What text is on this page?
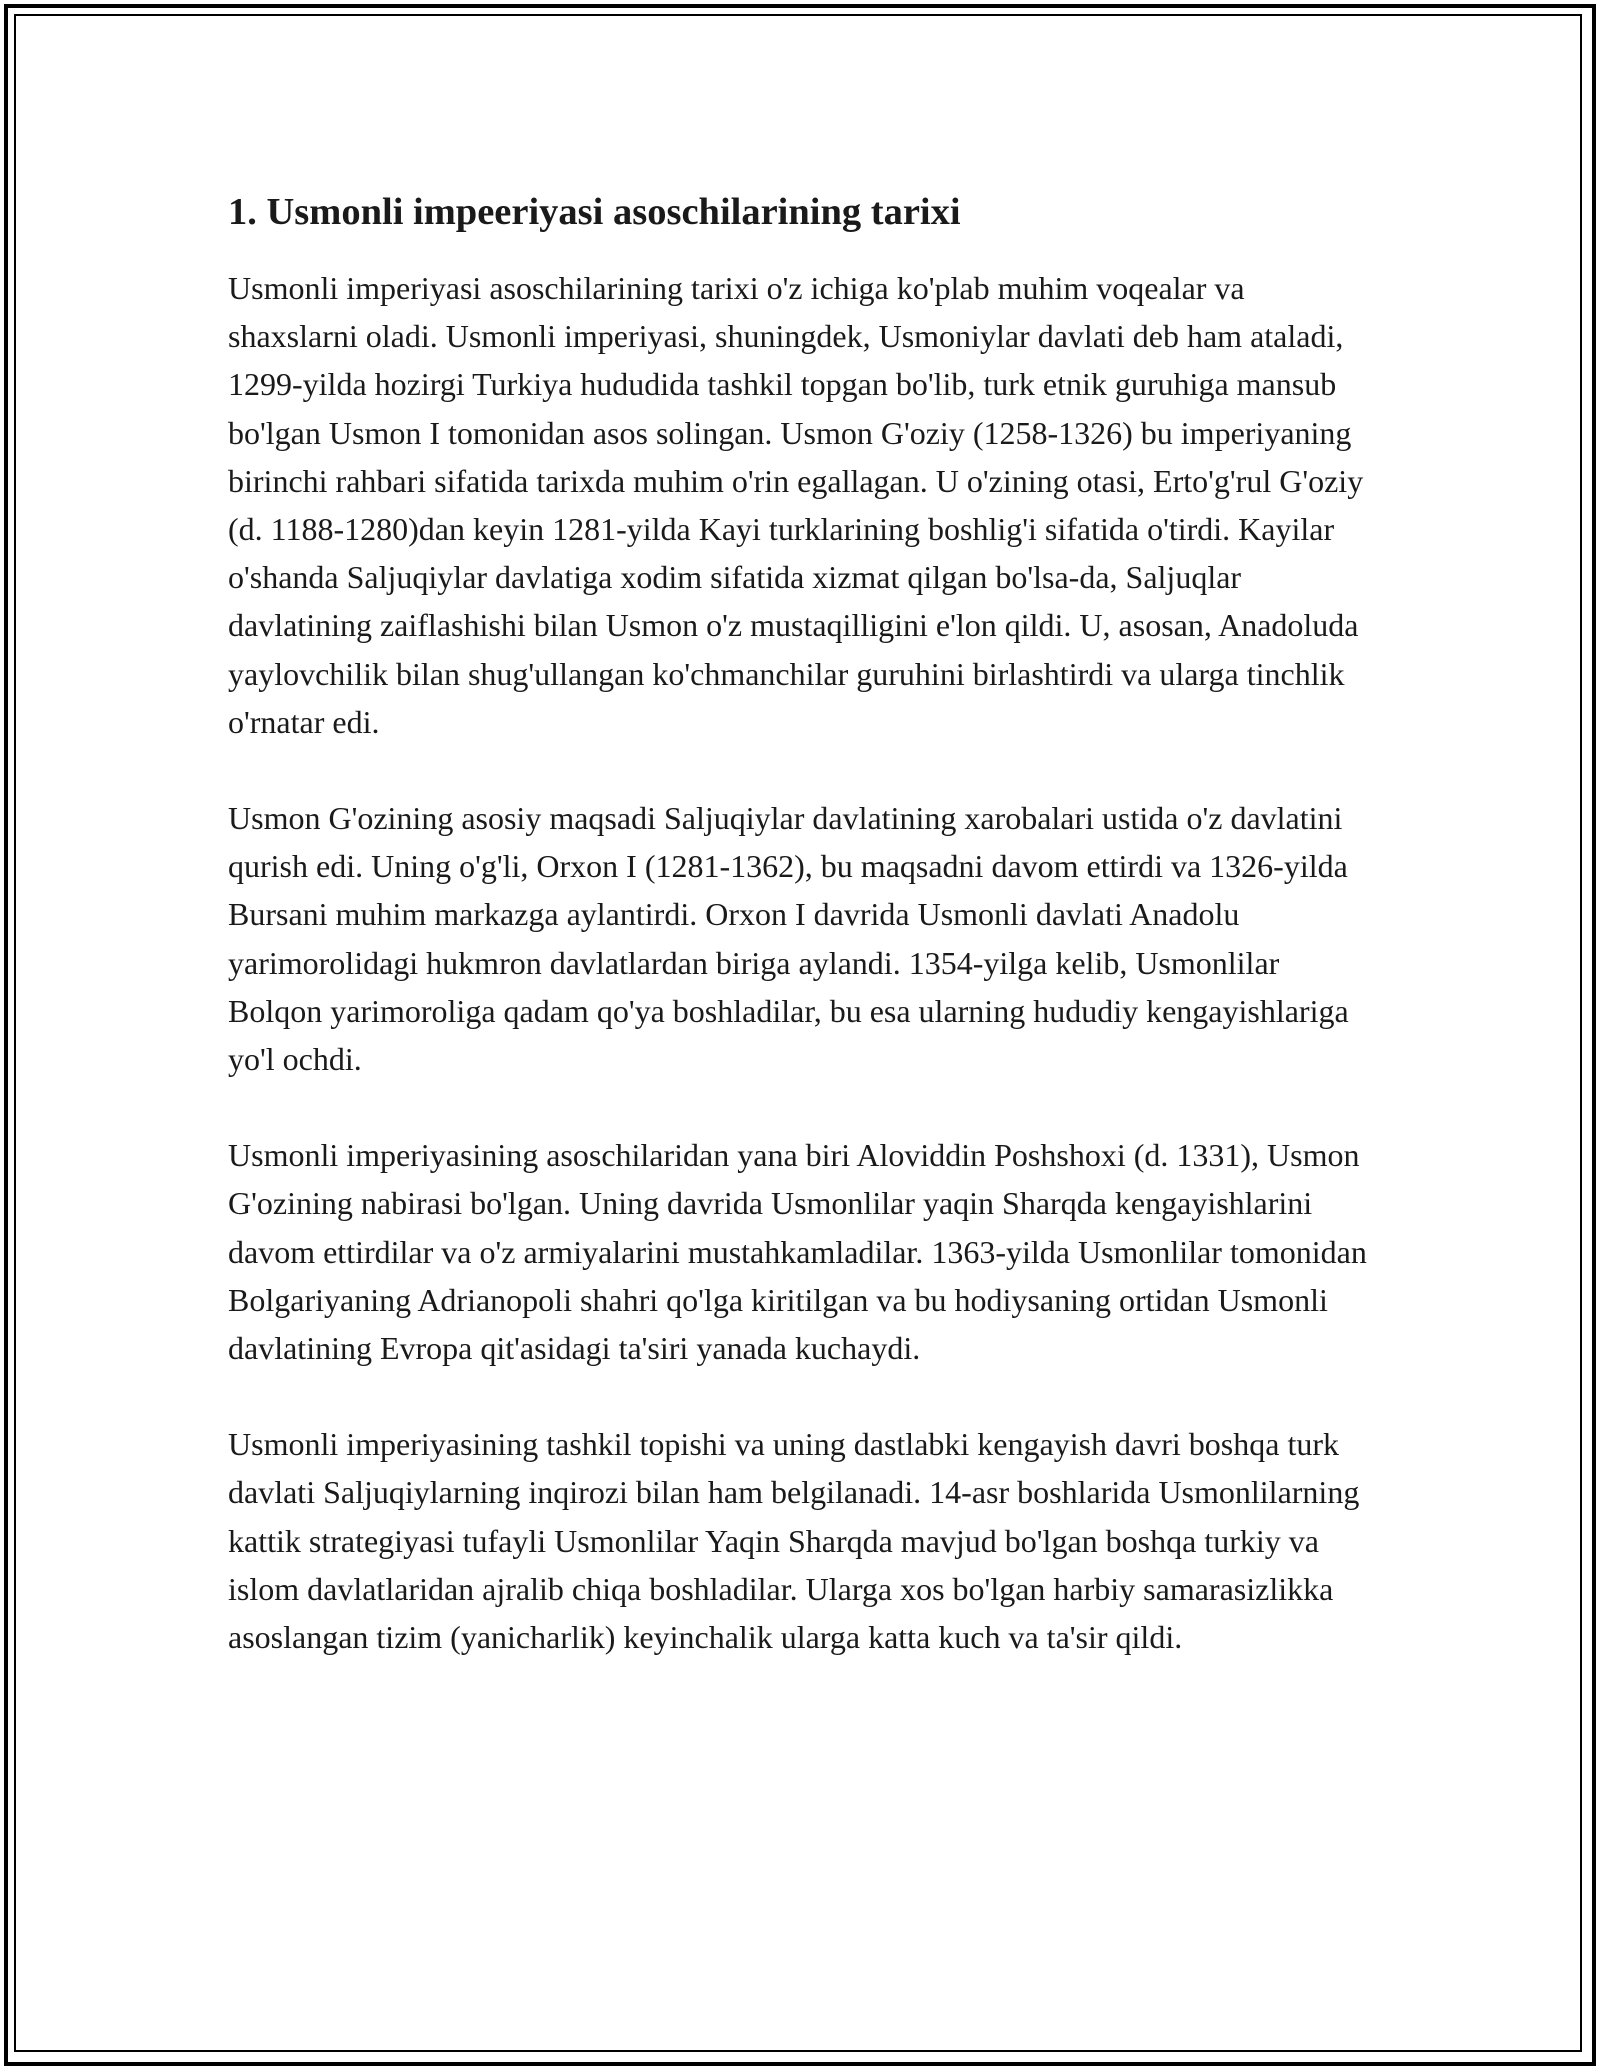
1. Usmonli impeeriyasi asoschilarining tarixi

Usmonli imperiyasi asoschilarining tarixi o'z ichiga ko'plab muhim voqealar va shaxslarni oladi. Usmonli imperiyasi, shuningdek, Usmoniylar davlati deb ham ataladi, 1299-yilda hozirgi Turkiya hududida tashkil topgan bo'lib, turk etnik guruhiga mansub bo'lgan Usmon I tomonidan asos solingan. Usmon G'oziy (1258-1326) bu imperiyaning birinchi rahbari sifatida tarixda muhim o'rin egallagan. U o'zining otasi, Erto'g'rul G'oziy (d. 1188-1280)dan keyin 1281-yilda Kayi turklarining boshlig'i sifatida o'tirdi. Kayilar o'shanda Saljuqiylar davlatiga xodim sifatida xizmat qilgan bo'lsa-da, Saljuqlar davlatining zaiflashishi bilan Usmon o'z mustaqilligini e'lon qildi. U, asosan, Anadoluda yaylovchilik bilan shug'ullangan ko'chmanchilar guruhini birlashtirdi va ularga tinchlik o'rnatar edi.

Usmon G'ozining asosiy maqsadi Saljuqiylar davlatining xarobalari ustida o'z davlatini qurish edi. Uning o'g'li, Orxon I (1281-1362), bu maqsadni davom ettirdi va 1326-yilda Bursani muhim markazga aylantirdi. Orxon I davrida Usmonli davlati Anadolu yarimorolidagi hukmron davlatlardan biriga aylandi. 1354-yilga kelib, Usmonlilar Bolqon yarimoroliga qadam qo'ya boshladilar, bu esa ularning hududiy kengayishlariga yo'l ochdi.

Usmonli imperiyasining asoschilaridan yana biri Aloviddin Poshshoxi (d. 1331), Usmon G'ozining nabirasi bo'lgan. Uning davrida Usmonlilar yaqin Sharqda kengayishlarini davom ettirdilar va o'z armiyalarini mustahkamladilar. 1363-yilda Usmonlilar tomonidan Bolgariyaning Adrianopoli shahri qo'lga kiritilgan va bu hodiysaning ortidan Usmonli davlatining Evropa qit'asidagi ta'siri yanada kuchaydi.

Usmonli imperiyasining tashkil topishi va uning dastlabki kengayish davri boshqa turk davlati Saljuqiylarning inqirozi bilan ham belgilanadi. 14-asr boshlarida Usmonlilarning kattik strategiyasi tufayli Usmonlilar Yaqin Sharqda mavjud bo'lgan boshqa turkiy va islom davlatlaridan ajralib chiqa boshladilar. Ularga xos bo'lgan harbiy samarasizlikka asoslangan tizim (yanicharlik) keyinchalik ularga katta kuch va ta'sir qildi.
